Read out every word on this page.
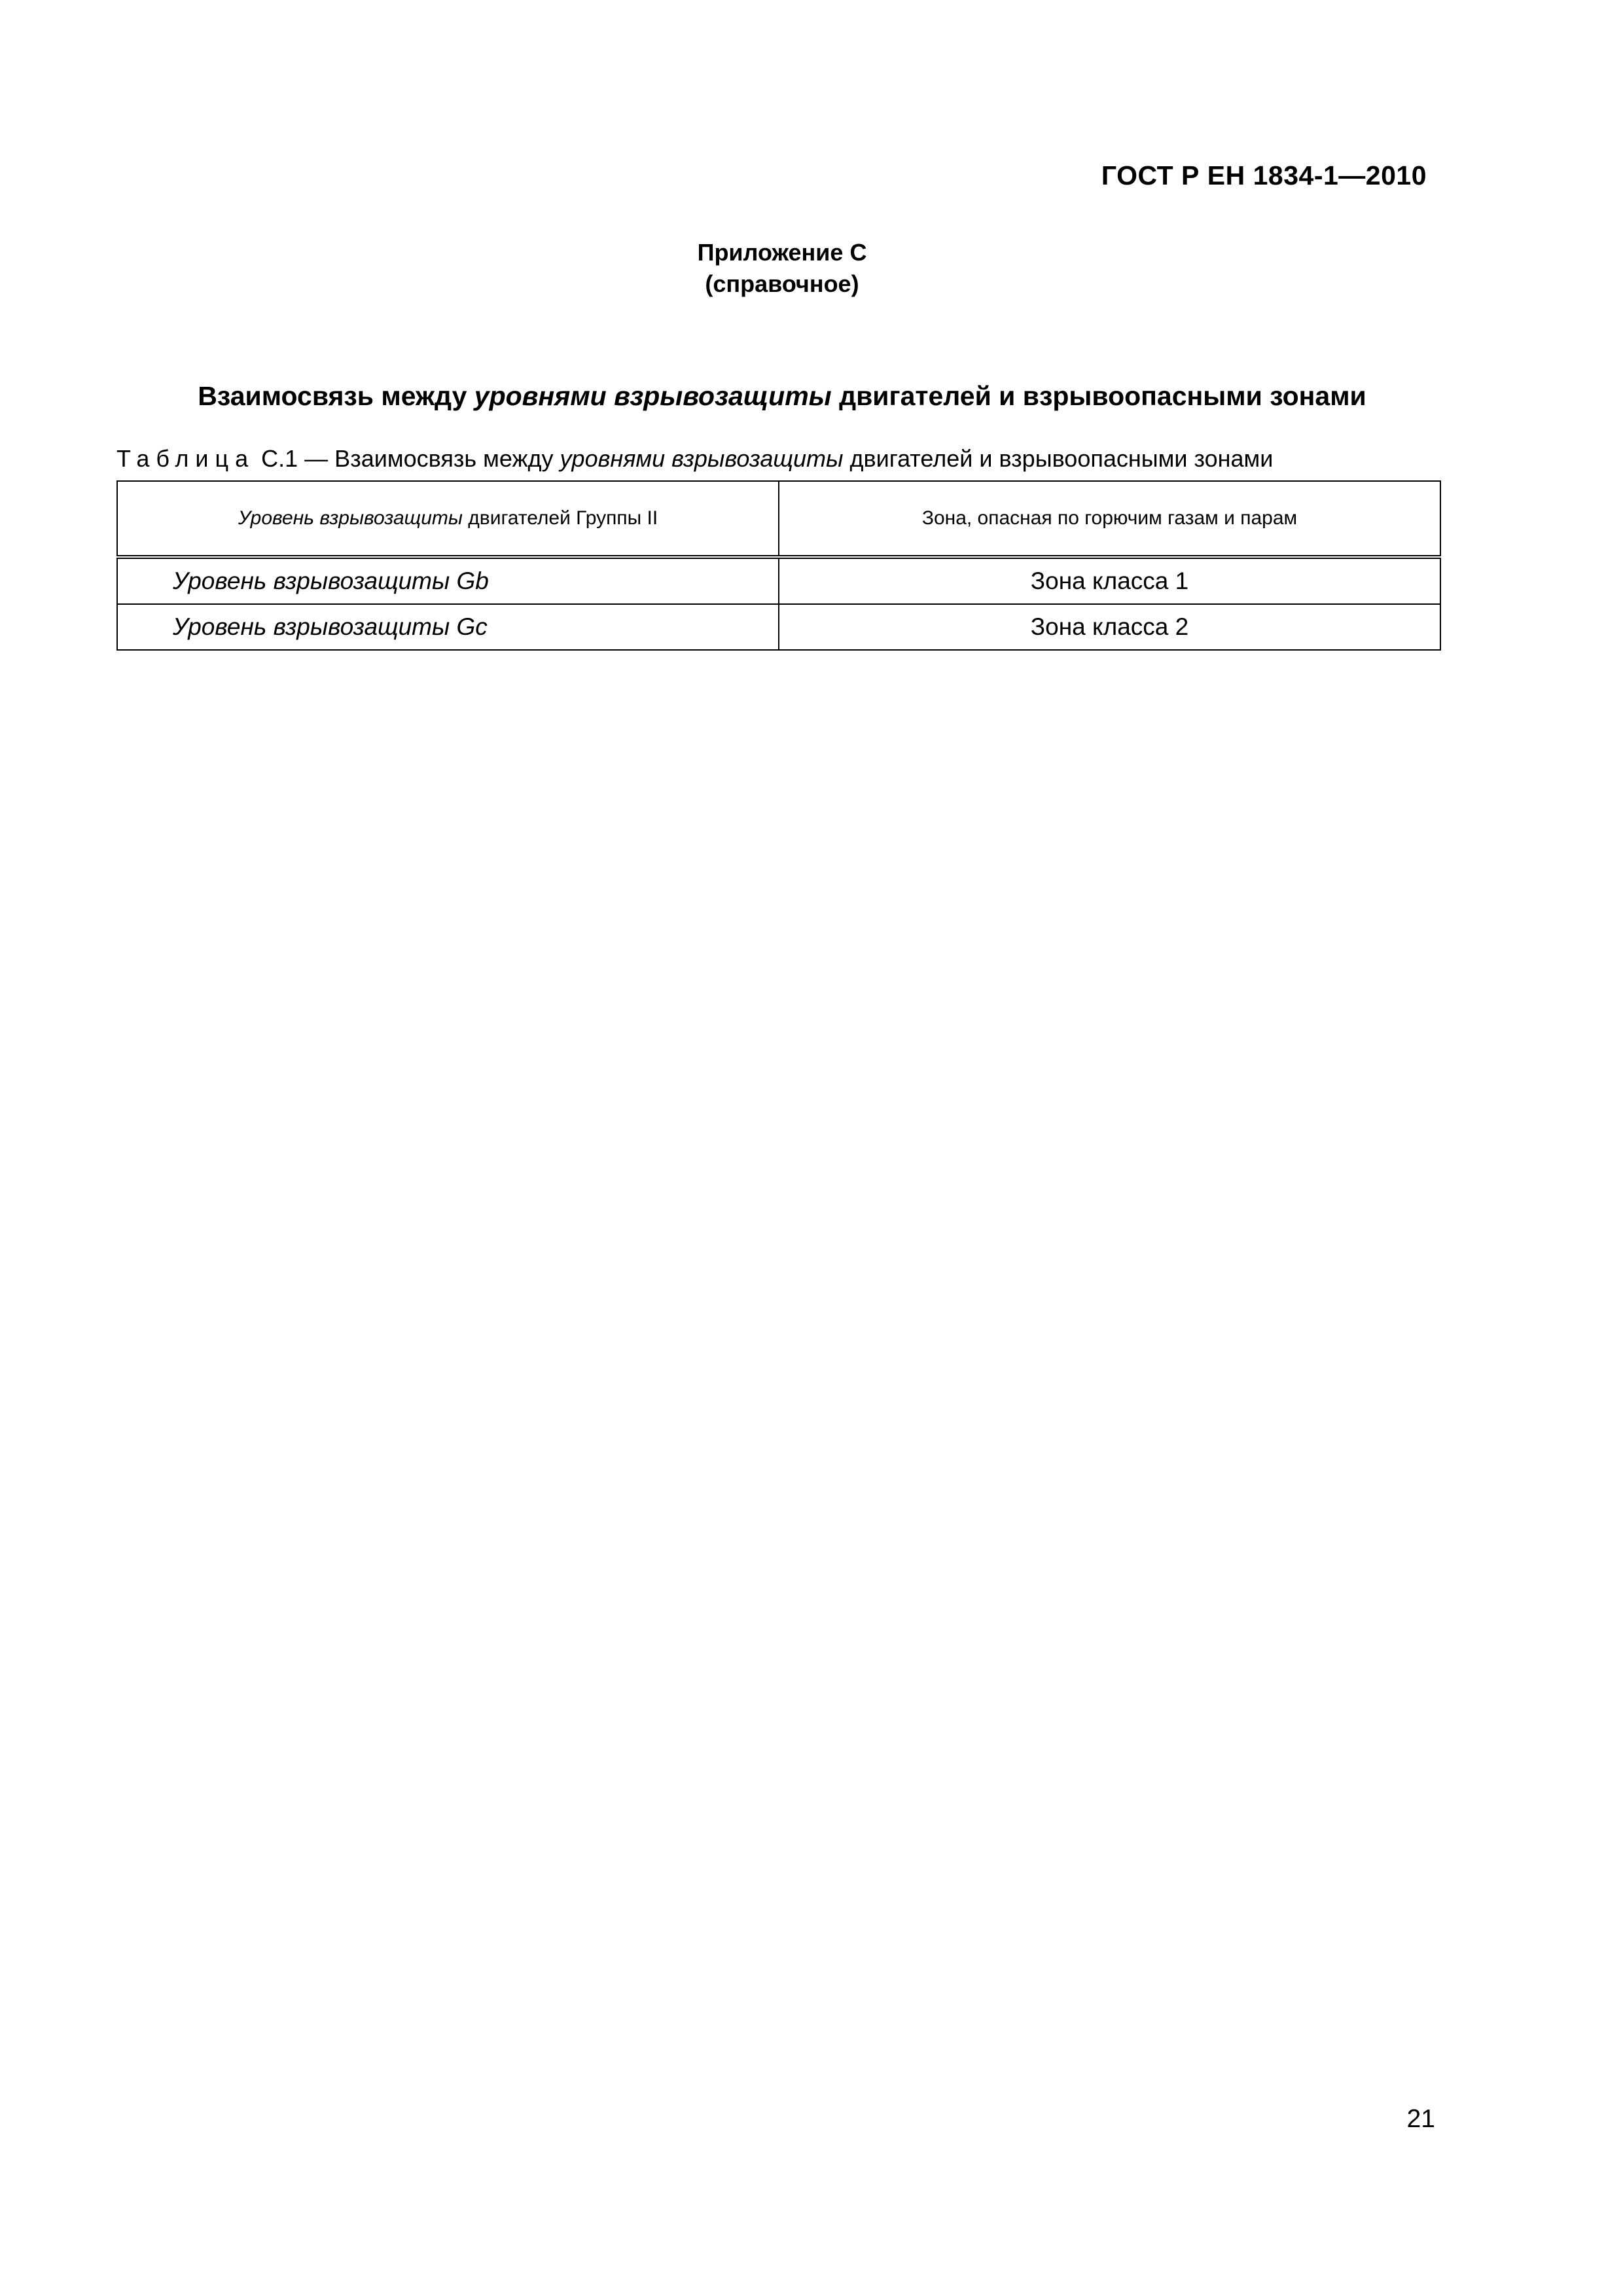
ГОСТ Р ЕН 1834-1—2010
Приложение C
(справочное)
Взаимосвязь между уровнями взрывозащиты двигателей и взрывоопасными зонами
Таблица C.1 — Взаимосвязь между уровнями взрывозащиты двигателей и взрывоопасными зонами
Уровень взрывозащиты двигателей Группы II	Зона, опасная по горючим газам и парам
Уровень взрывозащиты Gb	Зона класса 1
Уровень взрывозащиты Gc	Зона класса 2
21
